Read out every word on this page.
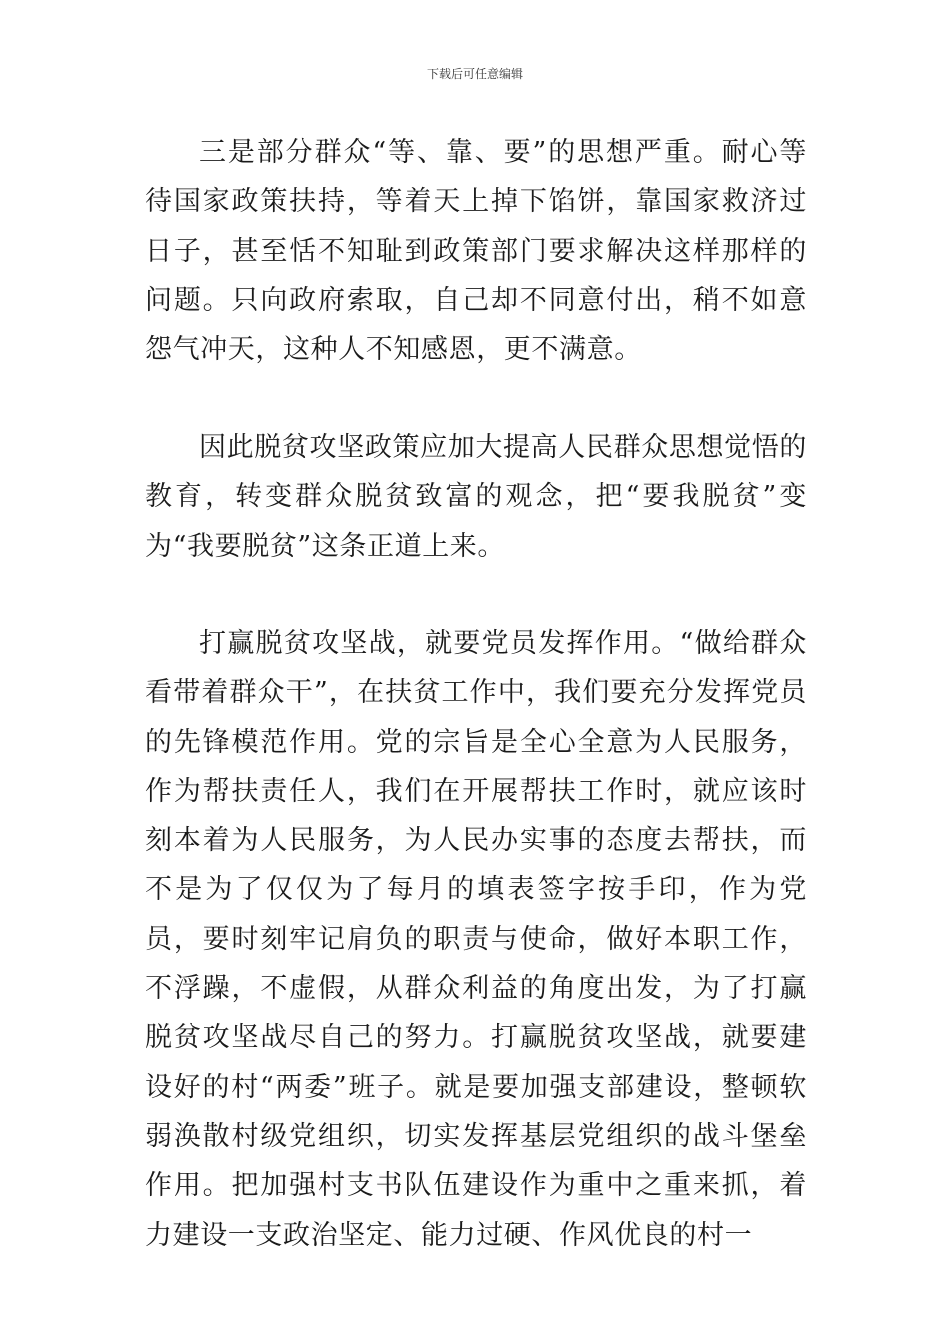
下载后可任意编辑

三是部分群众“等、靠、要”的思想严重。耐心等待国家政策扶持，等着天上掉下馅饼，靠国家救济过日子，甚至恬不知耻到政策部门要求解决这样那样的问题。只向政府索取，自己却不同意付出，稍不如意怨气冲天，这种人不知感恩，更不满意。

因此脱贫攻坚政策应加大提高人民群众思想觉悟的教育，转变群众脱贫致富的观念，把“要我脱贫”变为“我要脱贫”这条正道上来。

打赢脱贫攻坚战，就要党员发挥作用。“做给群众看带着群众干”，在扶贫工作中，我们要充分发挥党员的先锋模范作用。党的宗旨是全心全意为人民服务，作为帮扶责任人，我们在开展帮扶工作时，就应该时刻本着为人民服务，为人民办实事的态度去帮扶，而不是为了仅仅为了每月的填表签字按手印，作为党员，要时刻牢记肩负的职责与使命，做好本职工作，不浮躁，不虚假，从群众利益的角度出发，为了打赢脱贫攻坚战尽自己的努力。打赢脱贫攻坚战，就要建设好的村“两委”班子。就是要加强支部建设，整顿软弱涣散村级党组织，切实发挥基层党组织的战斗堡垒作用。把加强村支书队伍建设作为重中之重来抓，着力建设一支政治坚定、能力过硬、作风优良的村一
